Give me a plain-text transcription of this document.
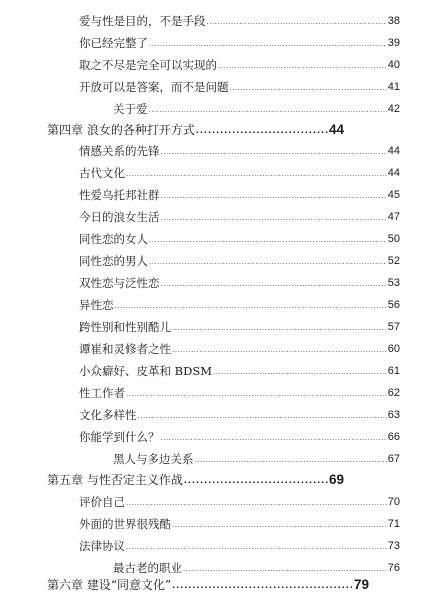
爱与性是目的，不是手段 .....	38
你已经完整了 .....	39
取之不尽是完全可以实现的 .....	40
开放可以是答案，而不是问题 .....	41
关于爱 .....	42
第四章 浪女的各种打开方式 .....	44
情感关系的先锋 .....	44
古代文化 .....	44
性爱乌托邦社群 .....	45
今日的浪女生活 .....	47
同性恋的女人 .....	50
同性恋的男人 .....	52
双性恋与泛性恋 .....	53
异性恋 .....	56
跨性别和性别酷儿 .....	57
谭崔和灵修者之性 .....	60
小众癖好、皮革和 BDSM .....	61
性工作者 .....	62
文化多样性 .....	63
你能学到什么？ .....	66
黑人与多边关系 .....	67
第五章 与性否定主义作战 .....	69
评价自己 .....	70
外面的世界很残酷 .....	71
法律协议 .....	73
最古老的职业 .....	76
第六章 建设“同意文化” .....	79
